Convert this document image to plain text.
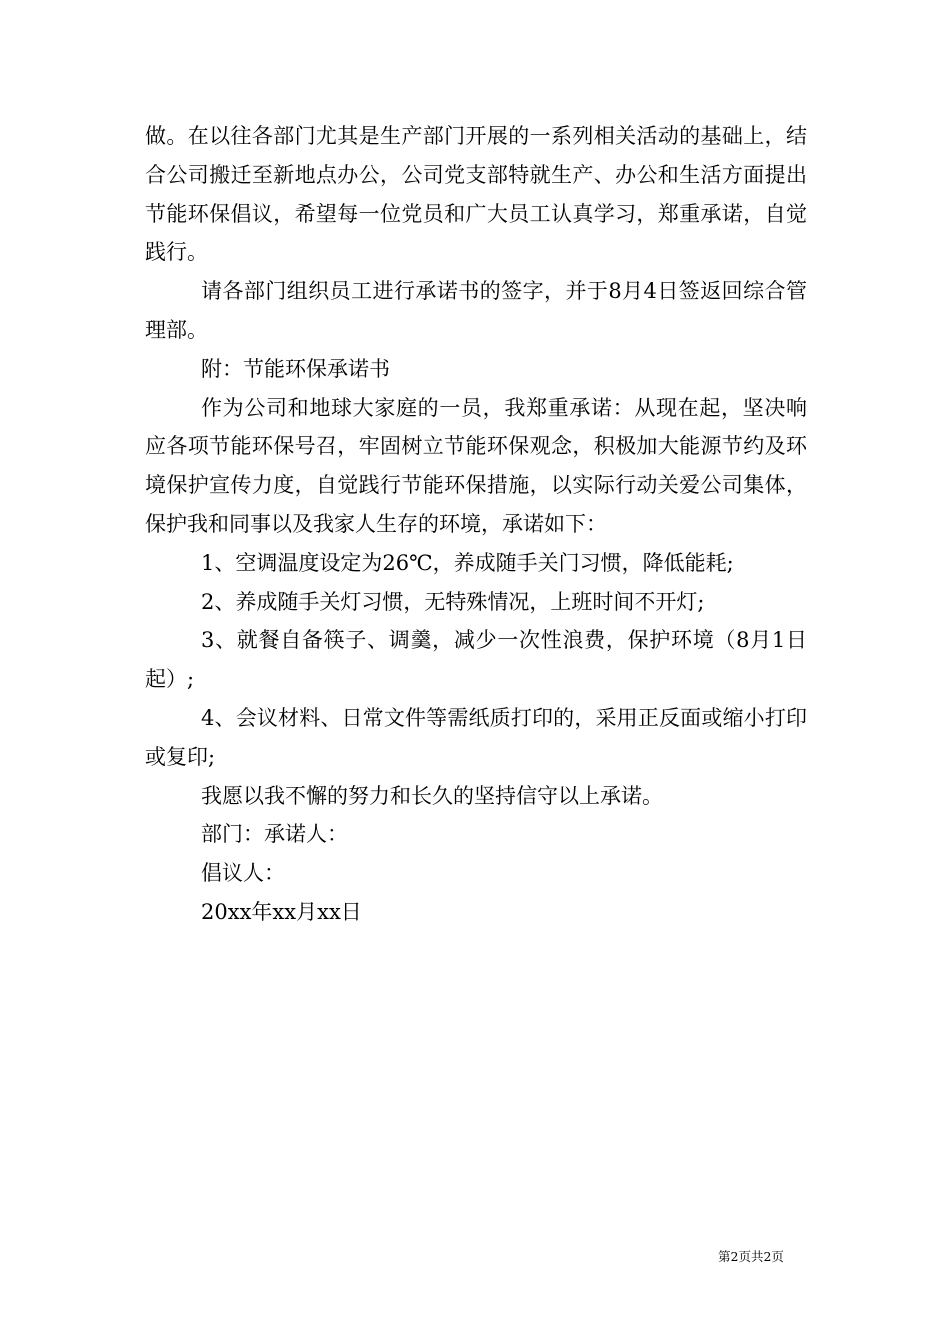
做。在以往各部门尤其是生产部门开展的一系列相关活动的基础上，结合公司搬迁至新地点办公，公司党支部特就生产、办公和生活方面提出节能环保倡议，希望每一位党员和广大员工认真学习，郑重承诺，自觉践行。

请各部门组织员工进行承诺书的签字，并于8月4日签返回综合管理部。

附：节能环保承诺书

作为公司和地球大家庭的一员，我郑重承诺：从现在起，坚决响应各项节能环保号召，牢固树立节能环保观念，积极加大能源节约及环境保护宣传力度，自觉践行节能环保措施，以实际行动关爱公司集体，保护我和同事以及我家人生存的环境，承诺如下：

1、空调温度设定为26℃，养成随手关门习惯，降低能耗;

2、养成随手关灯习惯，无特殊情况，上班时间不开灯;

3、就餐自备筷子、调羹，减少一次性浪费，保护环境（8月1日起）;

4、会议材料、日常文件等需纸质打印的，采用正反面或缩小打印或复印;

我愿以我不懈的努力和长久的坚持信守以上承诺。

部门：承诺人：

倡议人：

20xx年xx月xx日

第2页共2页
